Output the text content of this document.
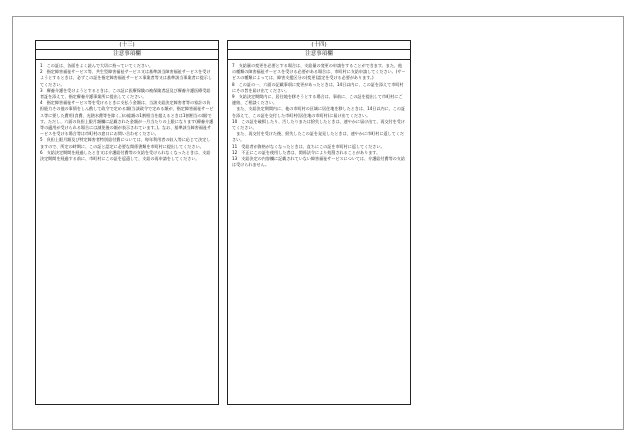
(十三)
注意事項欄

1　この証は、各面をよく読んで大切に持っていてください。

2　指定障害福祉サービス等、共生型障害福祉サービス又は基準該当障害福祉サービスを受けようとするときは、必ずこの証を指定障害福祉サービス事業者等又は基準該当事業者に提示してください。

3　療養介護を受けようとするときは、この証に医療保険の被保険者証及び療養介護医療受給者証を添えて、指定療養介護事業所に提出してください。

4　指定障害福祉サービス等を受けるときに支払う金額は、当該支給決定障害者等の家計の負担能力その他の事情をしん酌して政令で定める額(当該政令で定める額が、指定障害福祉サービス等に要した費用(食費、光熱水費等を除く。)の総額の1割相当を超えるときは1割相当の額)です。ただし、六面の負担上限月額欄に記載された金額が一月当たりの上限になります(療養介護等の適用が受けられる場合には減免後の額が表示されています。)。なお、基準該当障害福祉サービスを受ける場合等は市町村の窓口にお問い合わせください。

5　負担上限月額及び特定障害者特別給付費については、毎年利用者の収入等に応じて決定しますので、所定の時期に、この証と認定に必要な関係書類を市町村に提出してください。

6　支給決定期間を経過したとき又は介護給付費等の支給を受けられなくなったときは、支給決定期間を経過する前に、市町村にこの証を返還して、支給の再申請をしてください。

(十四)
注意事項欄

7　支給量の変更を必要とする場合は、支給量の変更の申請をすることができます。また、他の種類の障害福祉サービスを受ける必要がある場合は、市町村に支給申請してください。(サービスの種類によっては、障害支援区分の(変更)認定を受ける必要があります。)

8　この証の一、六面の記載事項に変更があったときは、14日以内に、この証を添えて市町村にその旨を届け出てください。

9　支給決定期間内に、居住地を移そうとする場合は、事前に、この証を提出して市町村にご連絡、ご相談ください。

　また、支給決定期間内に、他の市町村の区域に居住地を移したときは、14日以内に、この証を添えて、この証を交付した市町村(居住地の市町村)に届け出てください。

10　この証を破損したり、汚したりまたは紛失したときは、速やかに届け出て、再交付を受けてください。

　また、再交付を受けた後、紛失したこの証を発見したときは、速やかに市町村に返してください。

11　受給者が資格がなくなったときは、直ちにこの証を市町村に返してください。

12　不正にこの証を使用した者は、関係法令により処罰されることがあります。

13　支給決定の内容欄に記載されていない障害福祉サービスについては、介護給付費等の支給は受けられません。
